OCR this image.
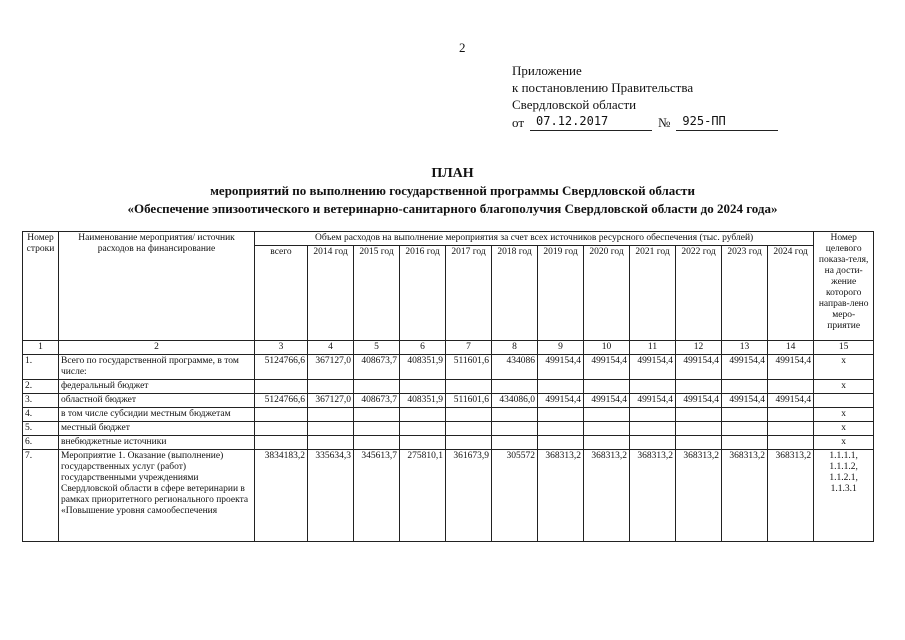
2
Приложение
к постановлению Правительства
Свердловской области
от	07.12.2017	№	925-ПП
ПЛАН
мероприятий по выполнению государственной программы Свердловской области
«Обеспечение эпизоотического и ветеринарно-санитарного благополучия Свердловской области до 2024 года»
Номер строки	Наименование мероприятия/ источник расходов на финансирование	Объем расходов на выполнение мероприятия за счет всех источников ресурсного обеспечения (тыс. рублей)												Номер целевого показа-теля, на дости-жение которого направ-лено меро-приятие
		всего	2014 год	2015 год	2016 год	2017 год	2018 год	2019 год	2020 год	2021 год	2022 год	2023 год	2024 год	
1	2	3	4	5	6	7	8	9	10	11	12	13	14	15
1.	Всего по государственной программе, в том числе:	5124766,6	367127,0	408673,7	408351,9	511601,6	434086	499154,4	499154,4	499154,4	499154,4	499154,4	499154,4	х
2.	федеральный бюджет													х
3.	областной бюджет	5124766,6	367127,0	408673,7	408351,9	511601,6	434086,0	499154,4	499154,4	499154,4	499154,4	499154,4	499154,4	
4.	в том числе субсидии местным бюджетам													х
5.	местный бюджет													х
6.	внебюджетные источники													х
7.	Мероприятие 1. Оказание (выполнение) государственных услуг (работ) государственными учреждениями Свердловской области в сфере ветеринарии в рамках приоритетного регионального проекта «Повышение уровня самообеспечения	3834183,2	335634,3	345613,7	275810,1	361673,9	305572	368313,2	368313,2	368313,2	368313,2	368313,2	368313,2	1.1.1.1, 1.1.1.2, 1.1.2.1, 1.1.3.1
